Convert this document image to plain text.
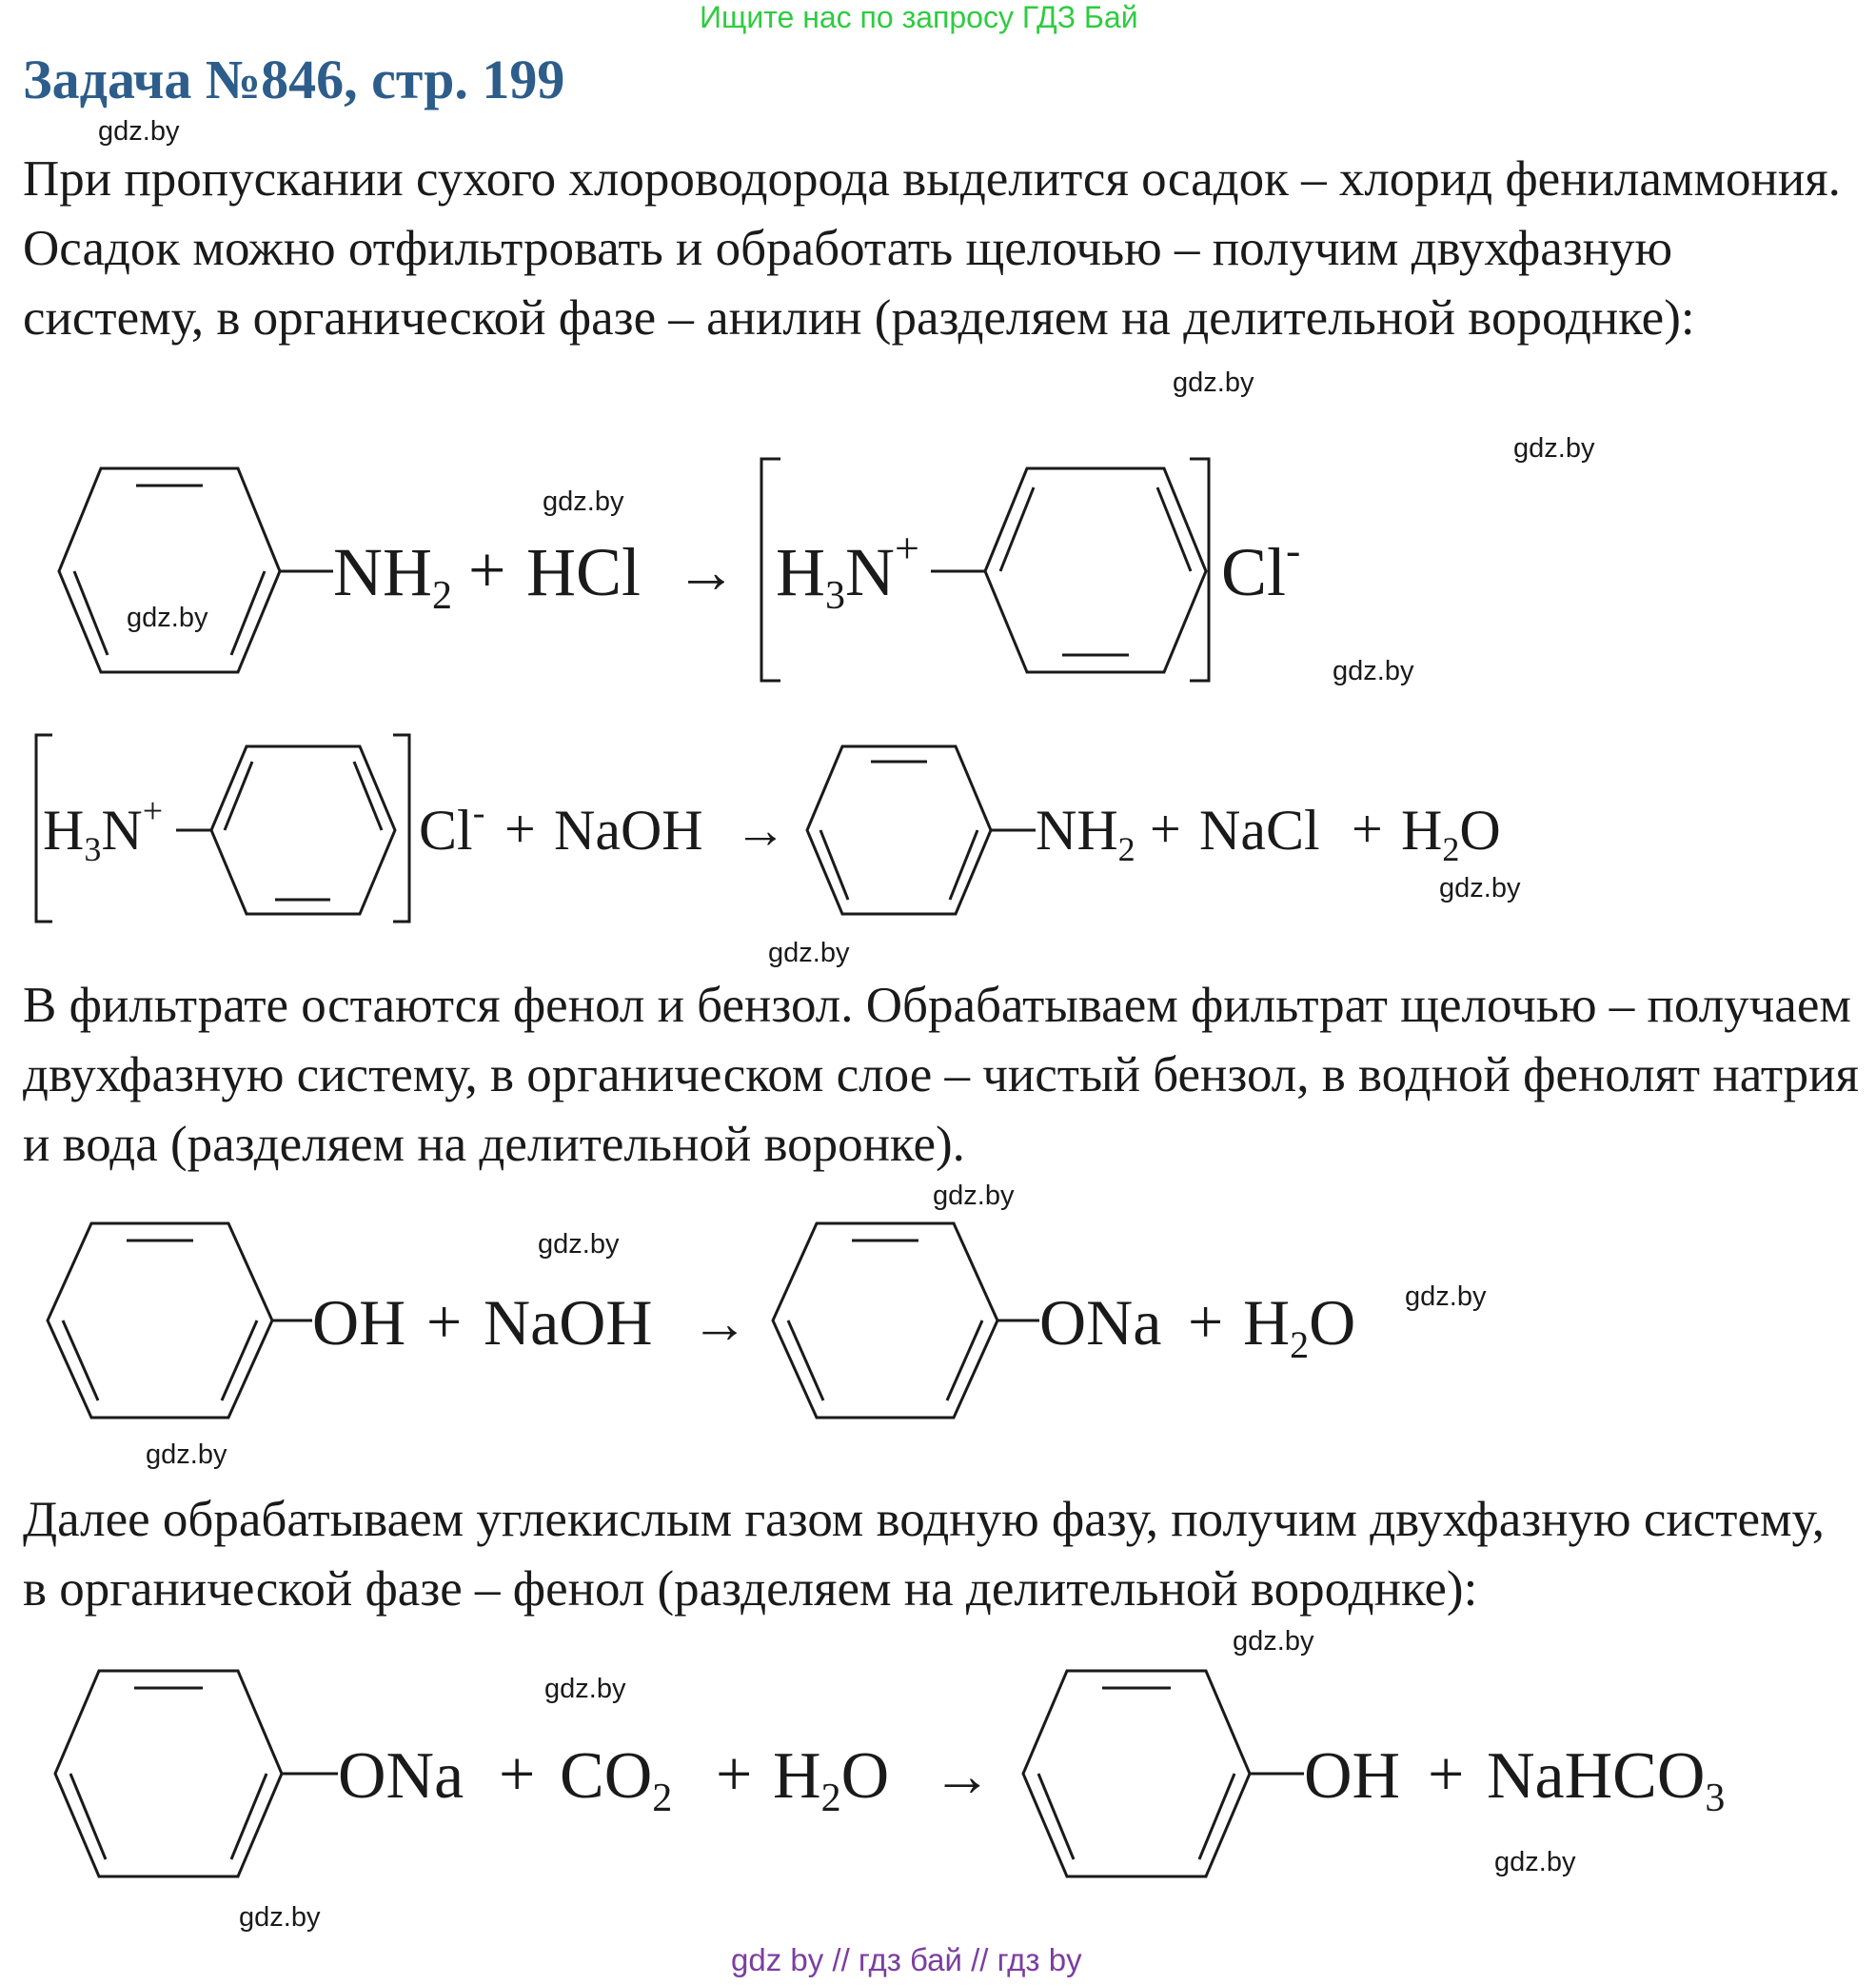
Ищите нас по запросу ГДЗ Бай
Задача №846, стр. 199
При пропускании сухого хлороводорода выделится осадок – хлорид фениламмония. Осадок можно отфильтровать и обработать щелочью – получим двухфазную систему, в органической фазе – анилин (разделяем на делительной вороднке):
NH2 + HCl → H3N+	Cl-
$H_3N^+$	Cl- + NaOH →	$NH_2$ + NaCl + $H_2O$
В фильтрате остаются фенол и бензол. Обрабатываем фильтрат щелочью – получаем двухфазную систему, в органическом слое – чистый бензол, в водной фенолят натрия и вода (разделяем на делительной воронке).
OH + NaOH →	ONa + $H_2O$
Далее обрабатываем углекислым газом водную фазу, получим двухфазную систему, в органической фазе – фенол (разделяем на делительной вороднке):
ONa + $CO_2 + H_2O$ →	OH + NaHCO$_3$
gdz.by
gdz.by
gdz.by
gdz.by
gdz.by
gdz.by
gdz.by
gdz.by
gdz.by
gdz.by
gdz.by
gdz.by
gdz.by
gdz.by
gdz.by
gdz.by
gdz by // гдз бай // гдз by
